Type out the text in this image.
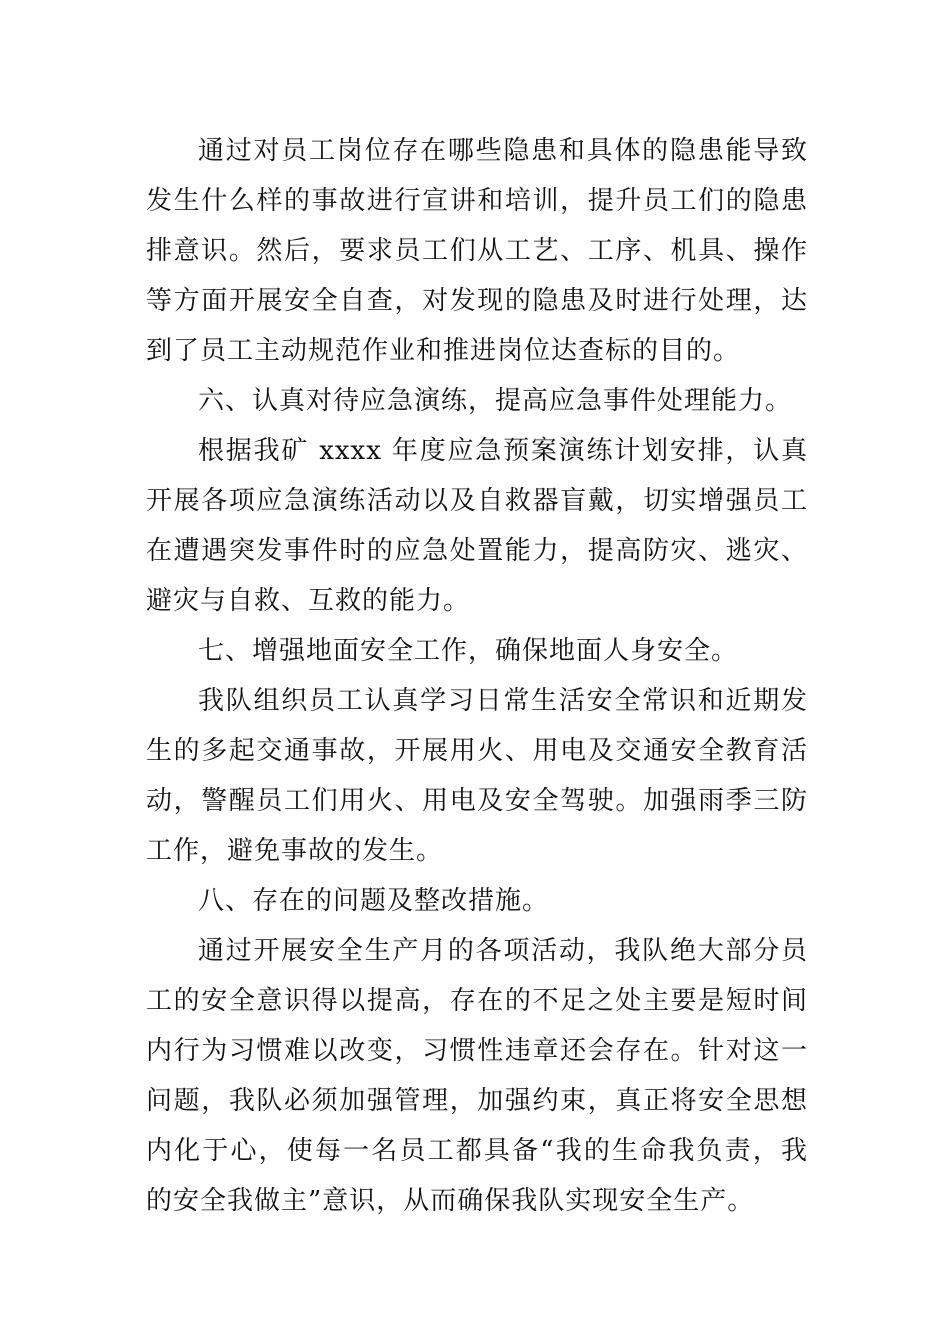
通过对员工岗位存在哪些隐患和具体的隐患能导致发生什么样的事故进行宣讲和培训，提升员工们的隐患排意识。然后，要求员工们从工艺、工序、机具、操作等方面开展安全自查，对发现的隐患及时进行处理，达到了员工主动规范作业和推进岗位达查标的目的。

六、认真对待应急演练，提高应急事件处理能力。

根据我矿 xxxx 年度应急预案演练计划安排，认真开展各项应急演练活动以及自救器盲戴，切实增强员工在遭遇突发事件时的应急处置能力，提高防灾、逃灾、避灾与自救、互救的能力。

七、增强地面安全工作，确保地面人身安全。

我队组织员工认真学习日常生活安全常识和近期发生的多起交通事故，开展用火、用电及交通安全教育活动，警醒员工们用火、用电及安全驾驶。加强雨季三防工作，避免事故的发生。

八、存在的问题及整改措施。

通过开展安全生产月的各项活动，我队绝大部分员工的安全意识得以提高，存在的不足之处主要是短时间内行为习惯难以改变，习惯性违章还会存在。针对这一问题，我队必须加强管理，加强约束，真正将安全思想内化于心，使每一名员工都具备“我的生命我负责，我的安全我做主”意识，从而确保我队实现安全生产。
